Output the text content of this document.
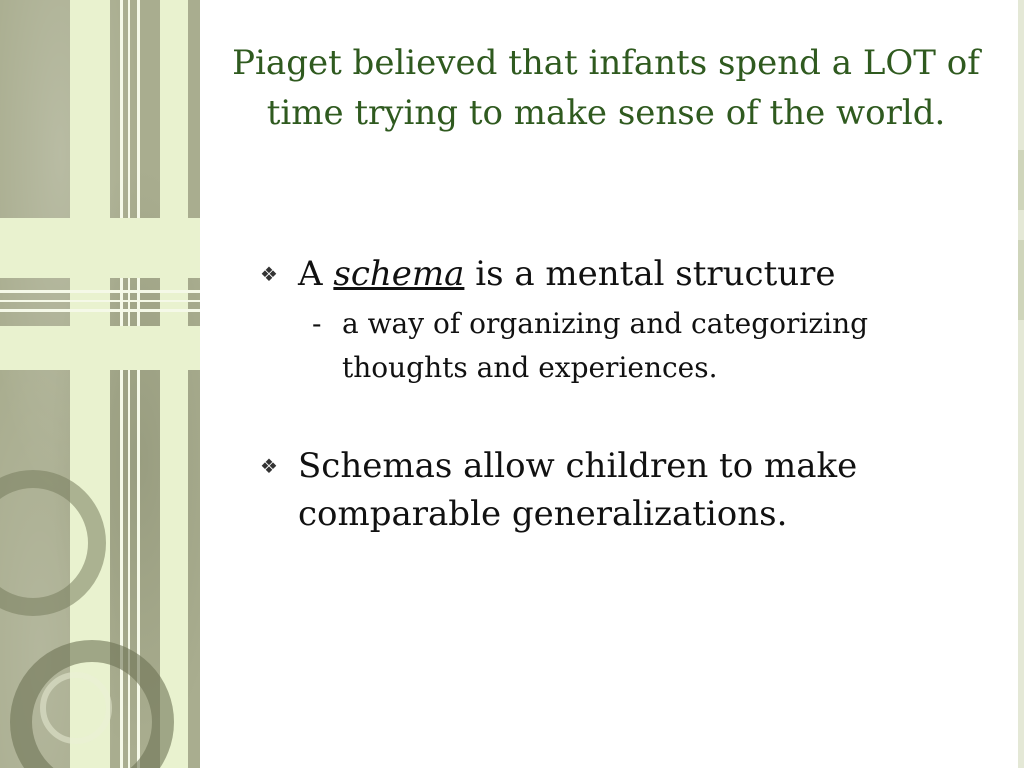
Piaget believed that infants spend a LOT of time trying to make sense of the world.
❖ A schema is a mental structure
- a way of organizing and categorizing thoughts and experiences.
❖ Schemas allow children to make comparable generalizations.
